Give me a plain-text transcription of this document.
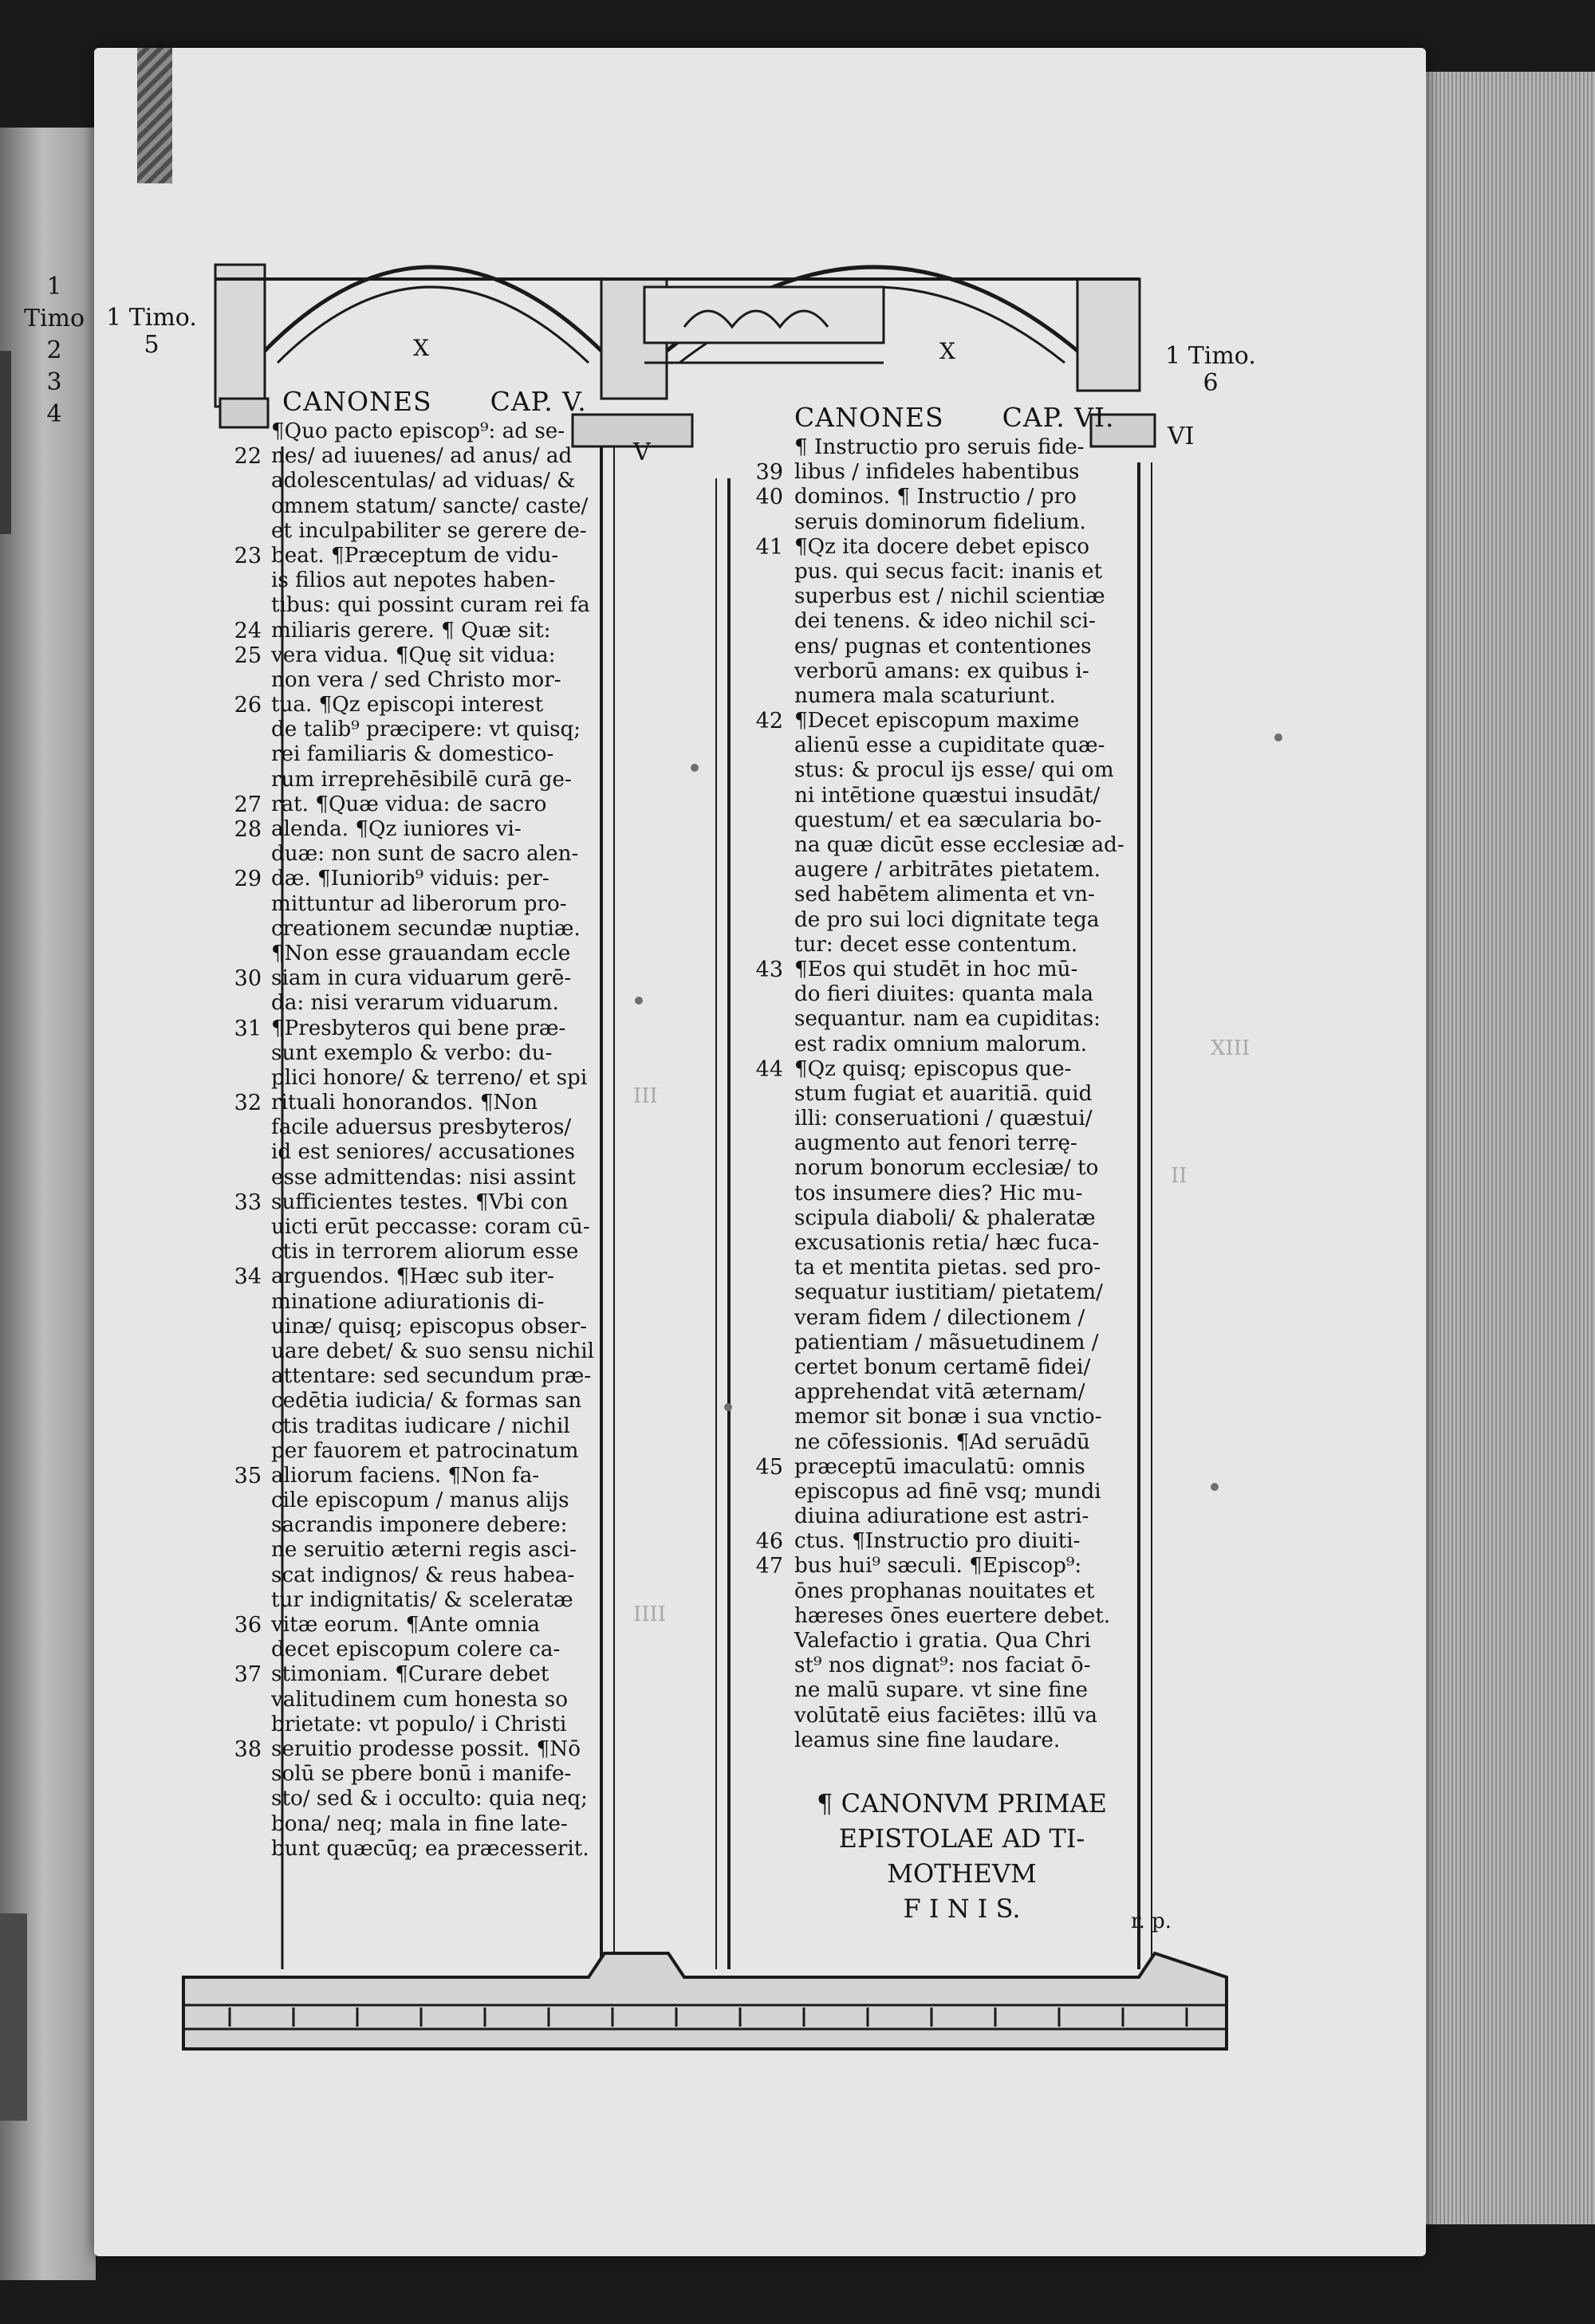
1 Timo
2
3
4
1 Timo.
5	1 Timo.
6
V
VI
r. p.
X	X
CANONES CAP. V.
22
23
24
25
26
27
28
29
30
31
32
33
34
35
36
37
38
¶Quo pacto episcop⁹: ad se-
nes/ ad iuuenes/ ad anus/ ad
adolescentulas/ ad viduas/ &
omnem statum/ sancte/ caste/
et inculpabiliter se gerere de-
beat. ¶Præceptum de vidu-
is filios aut nepotes haben-
tibus: qui possint curam rei fa
miliaris gerere. ¶ Quæ sit:
vera vidua. ¶Quę sit vidua:
non vera / sed Christo mor-
tua. ¶Qz episcopi interest
de talib⁹ præcipere: vt quisq;
rei familiaris & domestico-
rum irreprehēsibilē curā ge-
rat. ¶Quæ vidua: de sacro
alenda. ¶Qz iuniores vi-
duæ: non sunt de sacro alen-
dæ. ¶Iuniorib⁹ viduis: per-
mittuntur ad liberorum pro-
creationem secundæ nuptiæ.
¶Non esse grauandam eccle
siam in cura viduarum gerē-
da: nisi verarum viduarum.
¶Presbyteros qui bene præ-
sunt exemplo & verbo: du-
plici honore/ & terreno/ et spi
rituali honorandos. ¶Non
facile aduersus presbyteros/
id est seniores/ accusationes
esse admittendas: nisi assint
sufficientes testes. ¶Vbi con
uicti erūt peccasse: coram cū-
ctis in terrorem aliorum esse
arguendos. ¶Hæc sub iter-
minatione adiurationis di-
uinæ/ quisq; episcopus obser-
uare debet/ & suo sensu nichil
attentare: sed secundum præ-
cedētia iudicia/ & formas san
ctis traditas iudicare / nichil
per fauorem et patrocinatum
aliorum faciens. ¶Non fa-
cile episcopum / manus alijs
sacrandis imponere debere:
ne seruitio æterni regis asci-
scat indignos/ & reus habea-
tur indignitatis/ & sceleratæ
vitæ eorum. ¶Ante omnia
decet episcopum colere ca-
stimoniam. ¶Curare debet
valitudinem cum honesta so
brietate: vt populo/ i Christi
seruitio prodesse possit. ¶Nō
solū se pbere bonū i manife-
sto/ sed & i occulto: quia neq;
bona/ neq; mala in fine late-
bunt quæcūq; ea præcesserit.
CANONES CAP. VI.
39
40
41
42
43
44
45
46
47
¶ Instructio pro seruis fide-
libus / infideles habentibus
dominos. ¶ Instructio / pro
seruis dominorum fidelium.
¶Qz ita docere debet episco
pus. qui secus facit: inanis et
superbus est / nichil scientiæ
dei tenens. & ideo nichil sci-
ens/ pugnas et contentiones
verborū amans: ex quibus i-
numera mala scaturiunt.
¶Decet episcopum maxime
alienū esse a cupiditate quæ-
stus: & procul ijs esse/ qui om
ni intētione quæstui insudāt/
questum/ et ea sæcularia bo-
na quæ dicūt esse ecclesiæ ad-
augere / arbitrātes pietatem.
sed habētem alimenta et vn-
de pro sui loci dignitate tega
tur: decet esse contentum.
¶Eos qui studēt in hoc mū-
do fieri diuites: quanta mala
sequantur. nam ea cupiditas:
est radix omnium malorum.
¶Qz quisq; episcopus que-
stum fugiat et auaritiā. quid
illi: conseruationi / quæstui/
augmento aut fenori terrę-
norum bonorum ecclesiæ/ to
tos insumere dies? Hic mu-
scipula diaboli/ & phaleratæ
excusationis retia/ hæc fuca-
ta et mentita pietas. sed pro-
sequatur iustitiam/ pietatem/
veram fidem / dilectionem /
patientiam / mãsuetudinem /
certet bonum certamē fidei/
apprehendat vitā æternam/
memor sit bonæ i sua vnctio-
ne cōfessionis. ¶Ad seruādū
præceptū imaculatū: omnis
episcopus ad finē vsq; mundi
diuina adiuratione est astri-
ctus. ¶Instructio pro diuiti-
bus hui⁹ sæculi. ¶Episcop⁹:
ōnes prophanas nouitates et
hæreses ōnes euertere debet.
Valefactio i gratia. Qua Chri
st⁹ nos dignat⁹: nos faciat ō-
ne malū supare. vt sine fine
volūtatē eius faciētes: illū va
leamus sine fine laudare.
¶ CANONVM PRIMAE
EPISTOLAE AD TI-
MOTHEVM
F I N I S.
III
II
IIII
XIII
